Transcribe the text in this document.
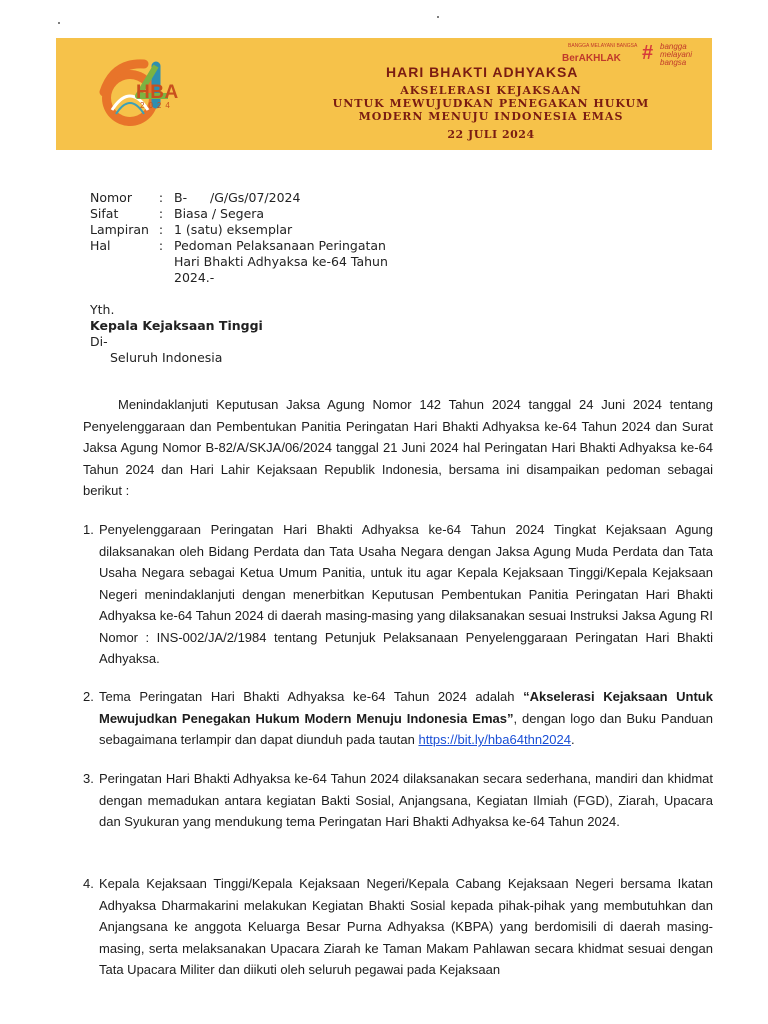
HBA
2024
BANGGA MELAYANI BANGSA
BerAKHLAK # bangga
melayani
bangsa
HARI BHAKTI ADHYAKSA
AKSELERASI KEJAKSAAN
UNTUK MEWUJUDKAN PENEGAKAN HUKUM
MODERN MENUJU INDONESIA EMAS
22 JULI 2024
Nomor	: B- /G/Gs/07/2024
Sifat	: Biasa / Segera
Lampiran : 1 (satu) eksemplar
Hal	: Pedoman Pelaksanaan Peringatan
Hari Bhakti Adhyaksa ke-64 Tahun
2024.-
Yth.
Kepala Kejaksaan Tinggi
Di-
Seluruh Indonesia
Menindaklanjuti Keputusan Jaksa Agung Nomor 142 Tahun 2024 tanggal 24 Juni 2024 tentang Penyelenggaraan dan Pembentukan Panitia Peringatan Hari Bhakti Adhyaksa ke-64 Tahun 2024 dan Surat Jaksa Agung Nomor B-82/A/SKJA/06/2024 tanggal 21 Juni 2024 hal Peringatan Hari Bhakti Adhyaksa ke-64 Tahun 2024 dan Hari Lahir Kejaksaan Republik Indonesia, bersama ini disampaikan pedoman sebagai berikut :
1. Penyelenggaraan Peringatan Hari Bhakti Adhyaksa ke-64 Tahun 2024 Tingkat Kejaksaan Agung dilaksanakan oleh Bidang Perdata dan Tata Usaha Negara dengan Jaksa Agung Muda Perdata dan Tata Usaha Negara sebagai Ketua Umum Panitia, untuk itu agar Kepala Kejaksaan Tinggi/Kepala Kejaksaan Negeri menindaklanjuti dengan menerbitkan Keputusan Pembentukan Panitia Peringatan Hari Bhakti Adhyaksa ke-64 Tahun 2024 di daerah masing-masing yang dilaksanakan sesuai Instruksi Jaksa Agung RI Nomor : INS-002/JA/2/1984 tentang Petunjuk Pelaksanaan Penyelenggaraan Peringatan Hari Bhakti Adhyaksa.
2. Tema Peringatan Hari Bhakti Adhyaksa ke-64 Tahun 2024 adalah “Akselerasi Kejaksaan Untuk Mewujudkan Penegakan Hukum Modern Menuju Indonesia Emas”, dengan logo dan Buku Panduan sebagaimana terlampir dan dapat diunduh pada tautan https://bit.ly/hba64thn2024.
3. Peringatan Hari Bhakti Adhyaksa ke-64 Tahun 2024 dilaksanakan secara sederhana, mandiri dan khidmat dengan memadukan antara kegiatan Bakti Sosial, Anjangsana, Kegiatan Ilmiah (FGD), Ziarah, Upacara dan Syukuran yang mendukung tema Peringatan Hari Bhakti Adhyaksa ke-64 Tahun 2024.
4. Kepala Kejaksaan Tinggi/Kepala Kejaksaan Negeri/Kepala Cabang Kejaksaan Negeri bersama Ikatan Adhyaksa Dharmakarini melakukan Kegiatan Bhakti Sosial kepada pihak-pihak yang membutuhkan dan Anjangsana ke anggota Keluarga Besar Purna Adhyaksa (KBPA) yang berdomisili di daerah masing-masing, serta melaksanakan Upacara Ziarah ke Taman Makam Pahlawan secara khidmat sesuai dengan Tata Upacara Militer dan diikuti oleh seluruh pegawai pada Kejaksaan
